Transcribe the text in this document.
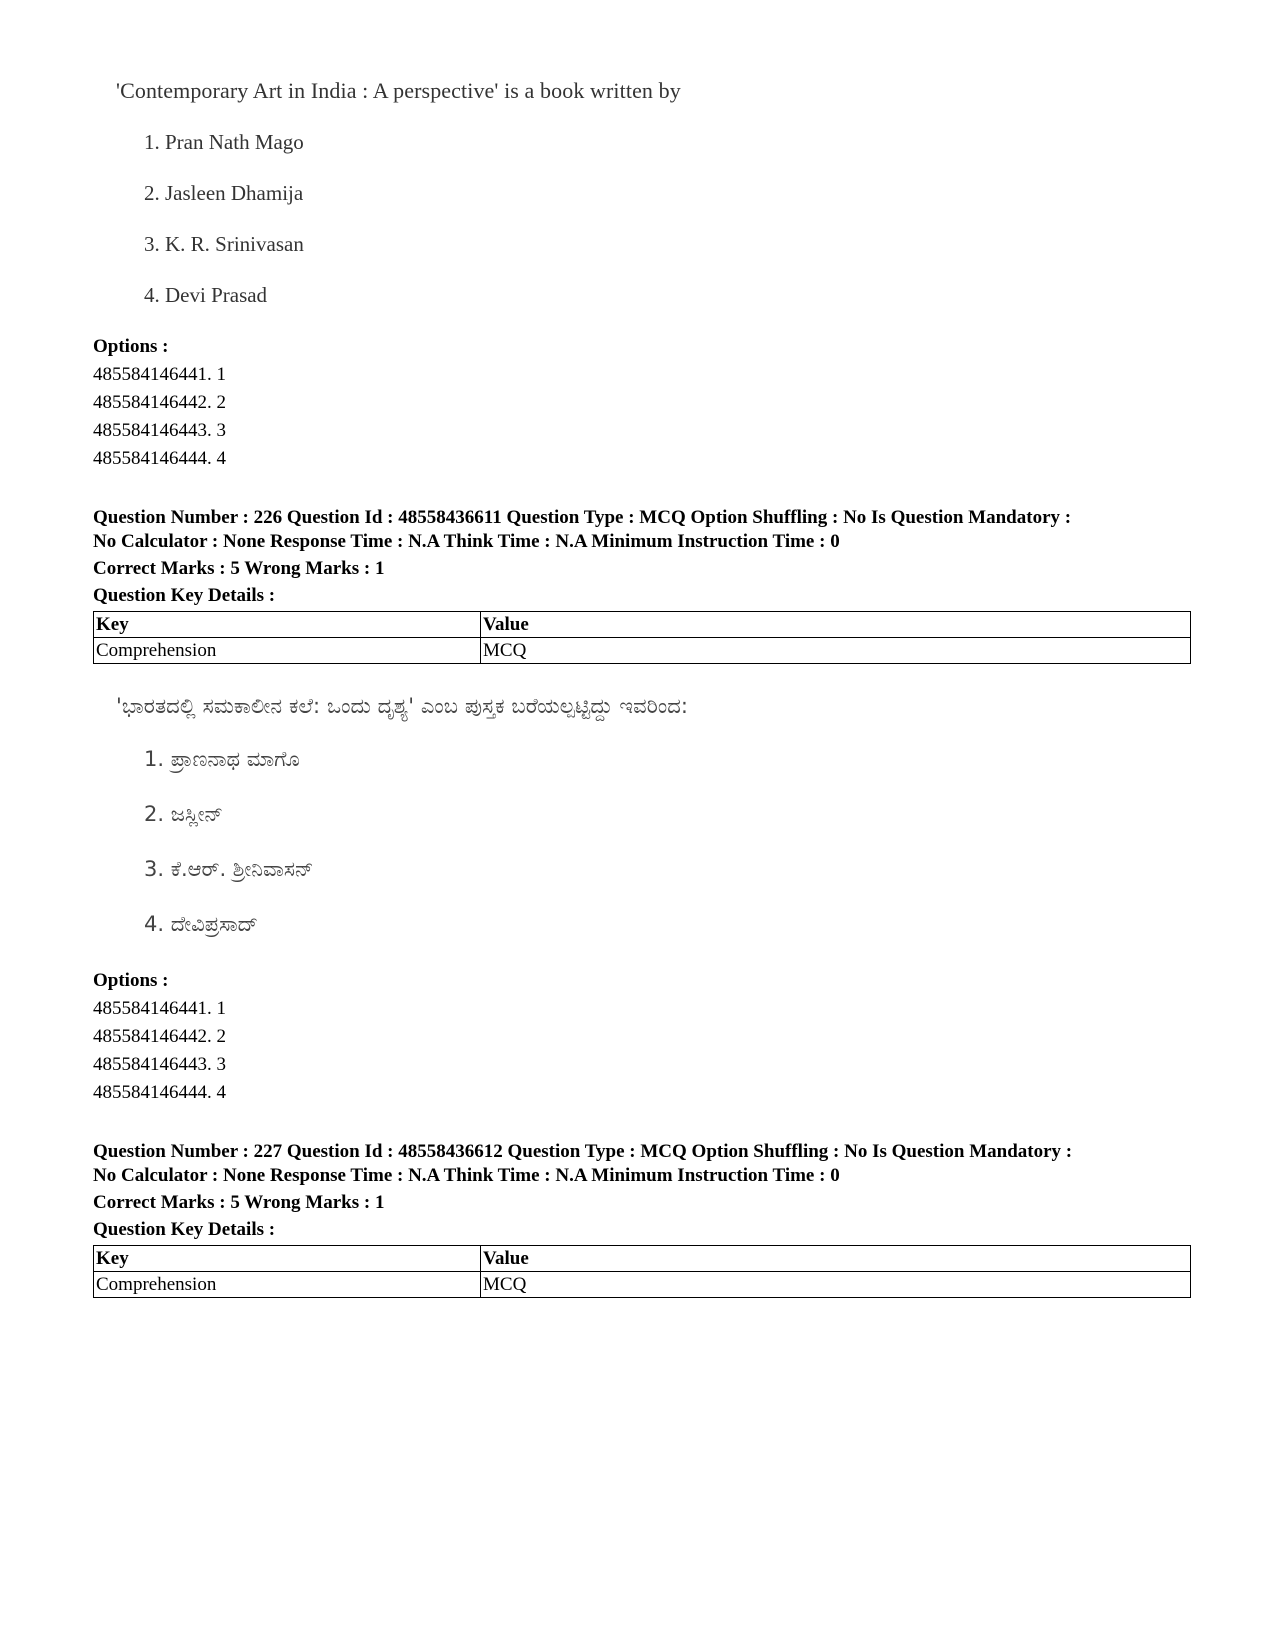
'Contemporary Art in India : A perspective' is a book written by
1. Pran Nath Mago
2. Jasleen Dhamija
3. K. R. Srinivasan
4. Devi Prasad
Options :
485584146441. 1
485584146442. 2
485584146443. 3
485584146444. 4
Question Number : 226 Question Id : 48558436611 Question Type : MCQ Option Shuffling : No Is Question Mandatory :
No Calculator : None Response Time : N.A Think Time : N.A Minimum Instruction Time : 0
Correct Marks : 5 Wrong Marks : 1
Question Key Details :
Key	Value
Comprehension	MCQ
'ಭಾರತದಲ್ಲಿ ಸಮಕಾಲೀನ ಕಲೆ: ಒಂದು ದೃಶ್ಯ' ಎಂಬ ಪುಸ್ತಕ ಬರೆಯಲ್ಪಟ್ಟಿದ್ದು ಇವರಿಂದ:
1. ಪ್ರಾಣನಾಥ ಮಾಗೊ
2. ಜಸ್ಲೀನ್
3. ಕೆ.ಆರ್. ಶ್ರೀನಿವಾಸನ್
4. ದೇವಿಪ್ರಸಾದ್
Options :
485584146441. 1
485584146442. 2
485584146443. 3
485584146444. 4
Question Number : 227 Question Id : 48558436612 Question Type : MCQ Option Shuffling : No Is Question Mandatory :
No Calculator : None Response Time : N.A Think Time : N.A Minimum Instruction Time : 0
Correct Marks : 5 Wrong Marks : 1
Question Key Details :
Key	Value
Comprehension	MCQ
